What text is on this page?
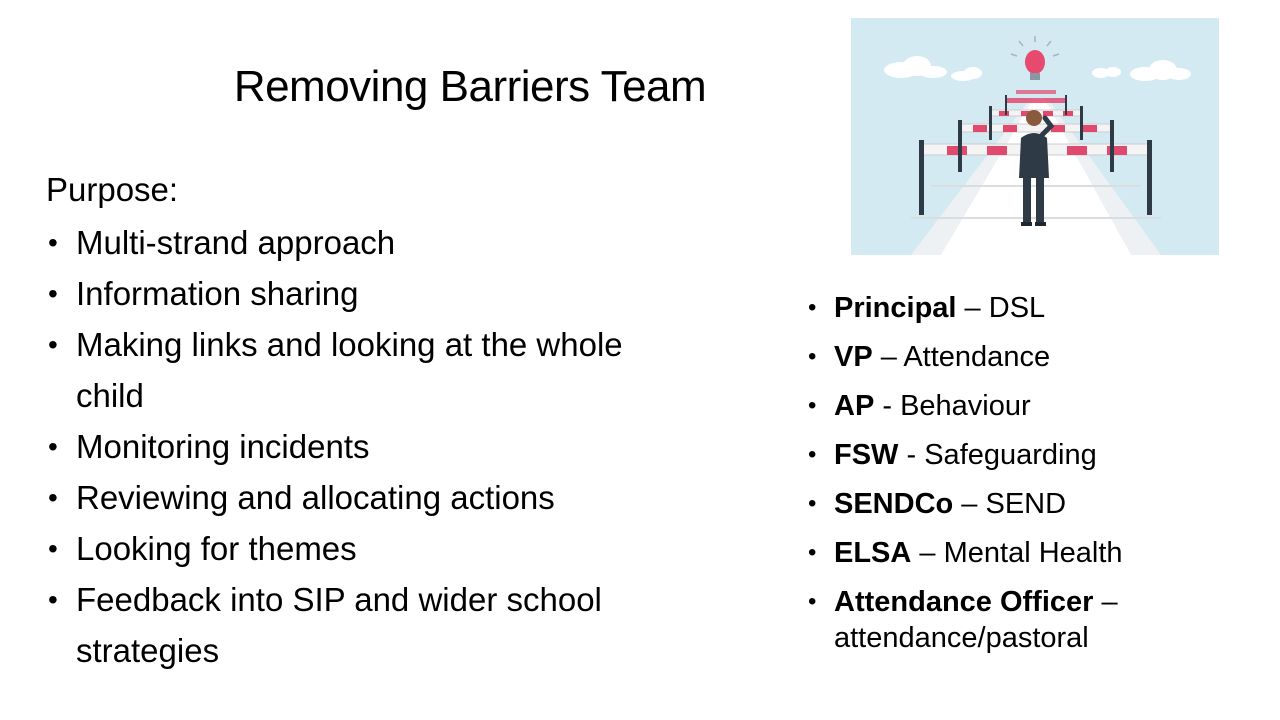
Removing Barriers Team
Purpose:
• Multi-strand approach
• Information sharing
• Making links and looking at the whole child
• Monitoring incidents
• Reviewing and allocating actions
• Looking for themes
• Feedback into SIP and wider school strategies
• Principal – DSL
• VP – Attendance
• AP - Behaviour
• FSW - Safeguarding
• SENDCo – SEND
• ELSA – Mental Health
• Attendance Officer – attendance/pastoral
